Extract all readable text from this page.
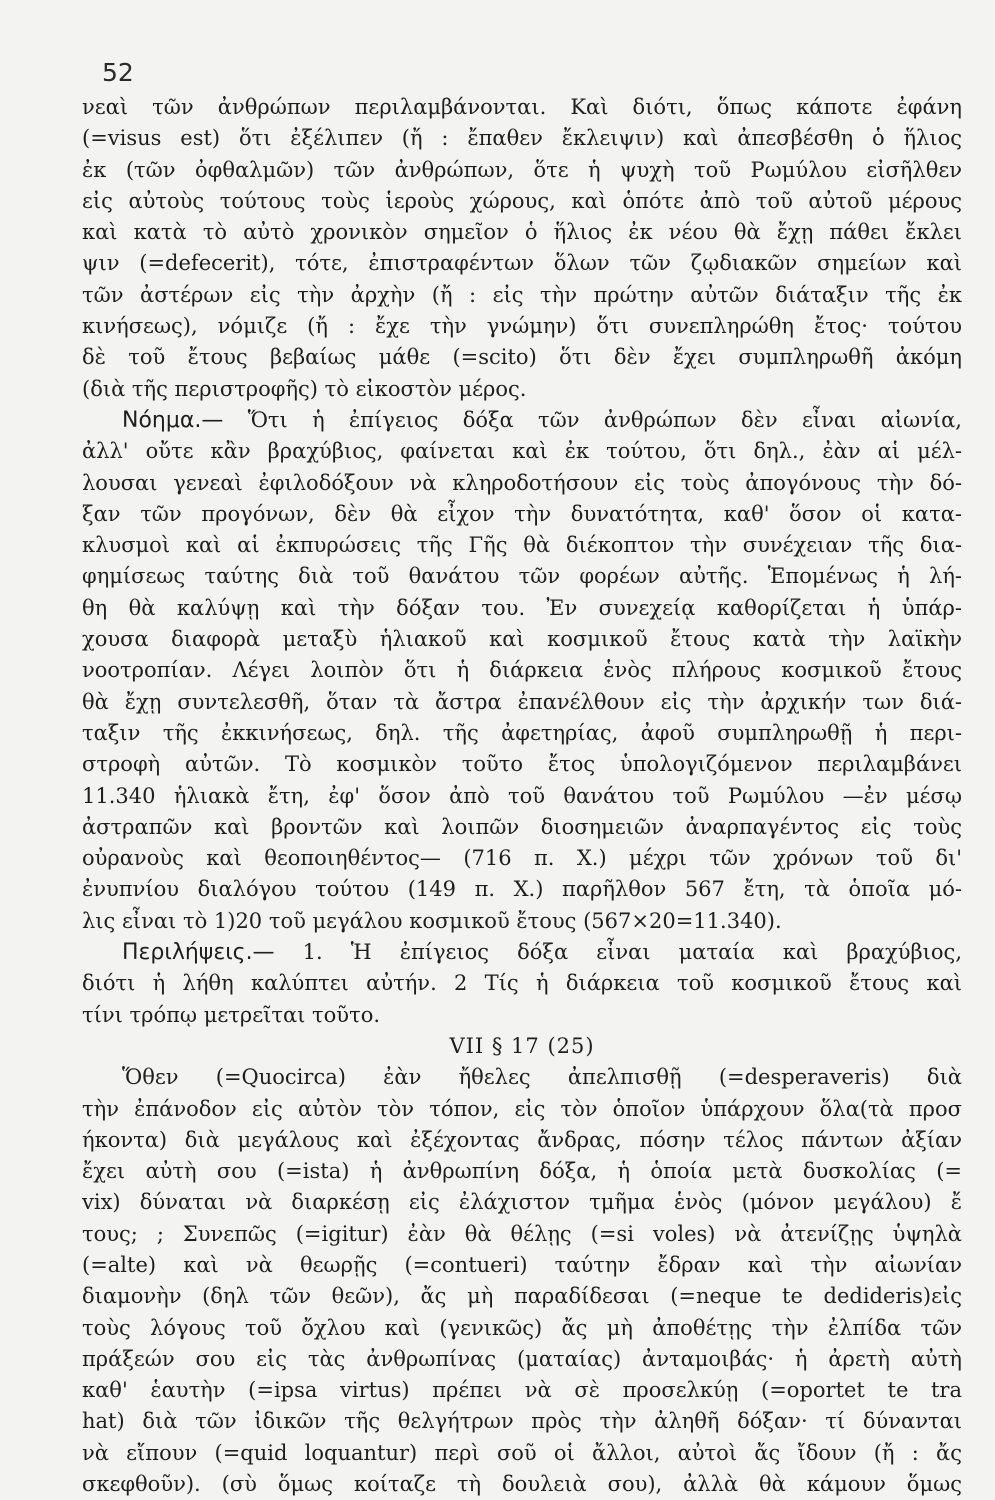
52
νεαὶ τῶν ἀνθρώπων περιλαμβάνονται. Καὶ διότι, ὅπως κάποτε ἐφάνη
(=visus est) ὅτι ἐξέλιπεν (ἤ : ἔπαθεν ἔκλειψιν) καὶ ἀπεσβέσθη ὁ ἥλιος
ἐκ (τῶν ὀφθαλμῶν) τῶν ἀνθρώπων, ὅτε ἡ ψυχὴ τοῦ Ρωμύλου εἰσῆλθεν
εἰς αὐτοὺς τούτους τοὺς ἱεροὺς χώρους, καὶ ὁπότε ἀπὸ τοῦ αὐτοῦ μέρους
καὶ κατὰ τὸ αὐτὸ χρονικὸν σημεῖον ὁ ἥλιος ἐκ νέου θὰ ἔχῃ πάθει ἔκλει
ψιν (=defecerit), τότε, ἐπιστραφέντων ὅλων τῶν ζῳδιακῶν σημείων καὶ
τῶν ἀστέρων εἰς τὴν ἀρχὴν (ἤ : εἰς τὴν πρώτην αὐτῶν διάταξιν τῆς ἐκ
κινήσεως), νόμιζε (ἤ : ἔχε τὴν γνώμην) ὅτι συνεπληρώθη ἔτος· τούτου
δὲ τοῦ ἔτους βεβαίως μάθε (=scito) ὅτι δὲν ἔχει συμπληρωθῆ ἀκόμη
(διὰ τῆς περιστροφῆς) τὸ εἰκοστὸν μέρος.
Νόημα.— Ὅτι ἡ ἐπίγειος δόξα τῶν ἀνθρώπων δὲν εἶναι αἰωνία,
ἀλλ' οὔτε κἂν βραχύβιος, φαίνεται καὶ ἐκ τούτου, ὅτι δηλ., ἐὰν αἱ μέλ-
λουσαι γενεαὶ ἐφιλοδόξουν νὰ κληροδοτήσουν εἰς τοὺς ἀπογόνους τὴν δό-
ξαν τῶν προγόνων, δὲν θὰ εἶχον τὴν δυνατότητα, καθ' ὅσον οἱ κατα-
κλυσμοὶ καὶ αἱ ἐκπυρώσεις τῆς Γῆς θὰ διέκοπτον τὴν συνέχειαν τῆς δια-
φημίσεως ταύτης διὰ τοῦ θανάτου τῶν φορέων αὐτῆς. Ἑπομένως ἡ λή-
θη θὰ καλύψῃ καὶ τὴν δόξαν του. Ἐν συνεχείᾳ καθορίζεται ἡ ὑπάρ-
χουσα διαφορὰ μεταξὺ ἡλιακοῦ καὶ κοσμικοῦ ἔτους κατὰ τὴν λαϊκὴν
νοοτροπίαν. Λέγει λοιπὸν ὅτι ἡ διάρκεια ἑνὸς πλήρους κοσμικοῦ ἔτους
θὰ ἔχῃ συντελεσθῆ, ὅταν τὰ ἄστρα ἐπανέλθουν εἰς τὴν ἀρχικήν των διά-
ταξιν τῆς ἐκκινήσεως, δηλ. τῆς ἀφετηρίας, ἀφοῦ συμπληρωθῇ ἡ περι-
στροφὴ αὐτῶν. Τὸ κοσμικὸν τοῦτο ἔτος ὑπολογιζόμενον περιλαμβάνει
11.340 ἡλιακὰ ἔτη, ἐφ' ὅσον ἀπὸ τοῦ θανάτου τοῦ Ρωμύλου —ἐν μέσῳ
ἀστραπῶν καὶ βροντῶν καὶ λοιπῶν διοσημειῶν ἀναρπαγέντος εἰς τοὺς
οὐρανοὺς καὶ θεοποιηθέντος— (716 π. Χ.) μέχρι τῶν χρόνων τοῦ δι'
ἐνυπνίου διαλόγου τούτου (149 π. Χ.) παρῆλθον 567 ἔτη, τὰ ὁποῖα μό-
λις εἶναι τὸ 1)20 τοῦ μεγάλου κοσμικοῦ ἔτους (567×20=11.340).
Περιλήψεις.— 1. Ἡ ἐπίγειος δόξα εἶναι ματαία καὶ βραχύβιος,
διότι ἡ λήθη καλύπτει αὐτήν. 2 Τίς ἡ διάρκεια τοῦ κοσμικοῦ ἔτους καὶ
τίνι τρόπῳ μετρεῖται τοῦτο.
VII § 17 (25)
Ὅθεν (=Quocirca) ἐὰν ἤθελες ἀπελπισθῇ (=desperaveris) διὰ
τὴν ἐπάνοδον εἰς αὐτὸν τὸν τόπον, εἰς τὸν ὁποῖον ὑπάρχουν ὅλα(τὰ προσ
ήκοντα) διὰ μεγάλους καὶ ἐξέχοντας ἄνδρας, πόσην τέλος πάντων ἀξίαν
ἔχει αὐτὴ σου (=ista) ἡ ἀνθρωπίνη δόξα, ἡ ὁποία μετὰ δυσκολίας (=
vix) δύναται νὰ διαρκέσῃ εἰς ἐλάχιστον τμῆμα ἑνὸς (μόνον μεγάλου) ἔ
τους; ; Συνεπῶς (=igitur) ἐὰν θὰ θέλῃς (=si voles) νὰ ἀτενίζῃς ὑψηλὰ
(=alte) καὶ νὰ θεωρῇς (=contueri) ταύτην ἔδραν καὶ τὴν αἰωνίαν
διαμονὴν (δηλ τῶν θεῶν), ἄς μὴ παραδίδεσαι (=neque te dedideris)εἰς
τοὺς λόγους τοῦ ὄχλου καὶ (γενικῶς) ἄς μὴ ἀποθέτῃς τὴν ἐλπίδα τῶν
πράξεών σου εἰς τὰς ἀνθρωπίνας (ματαίας) ἀνταμοιβάς· ἡ ἀρετὴ αὐτὴ
καθ' ἑαυτὴν (=ipsa virtus) πρέπει νὰ σὲ προσελκύῃ (=oportet te tra
hat) διὰ τῶν ἰδικῶν τῆς θελγήτρων πρὸς τὴν ἀληθῆ δόξαν· τί δύνανται
νὰ εἴπουν (=quid loquantur) περὶ σοῦ οἱ ἄλλοι, αὐτοὶ ἄς ἴδουν (ἤ : ἄς
σκεφθοῦν). (σὺ ὅμως κοίταζε τὴ δουλειὰ σου), ἀλλὰ θὰ κάμουν ὅμως
